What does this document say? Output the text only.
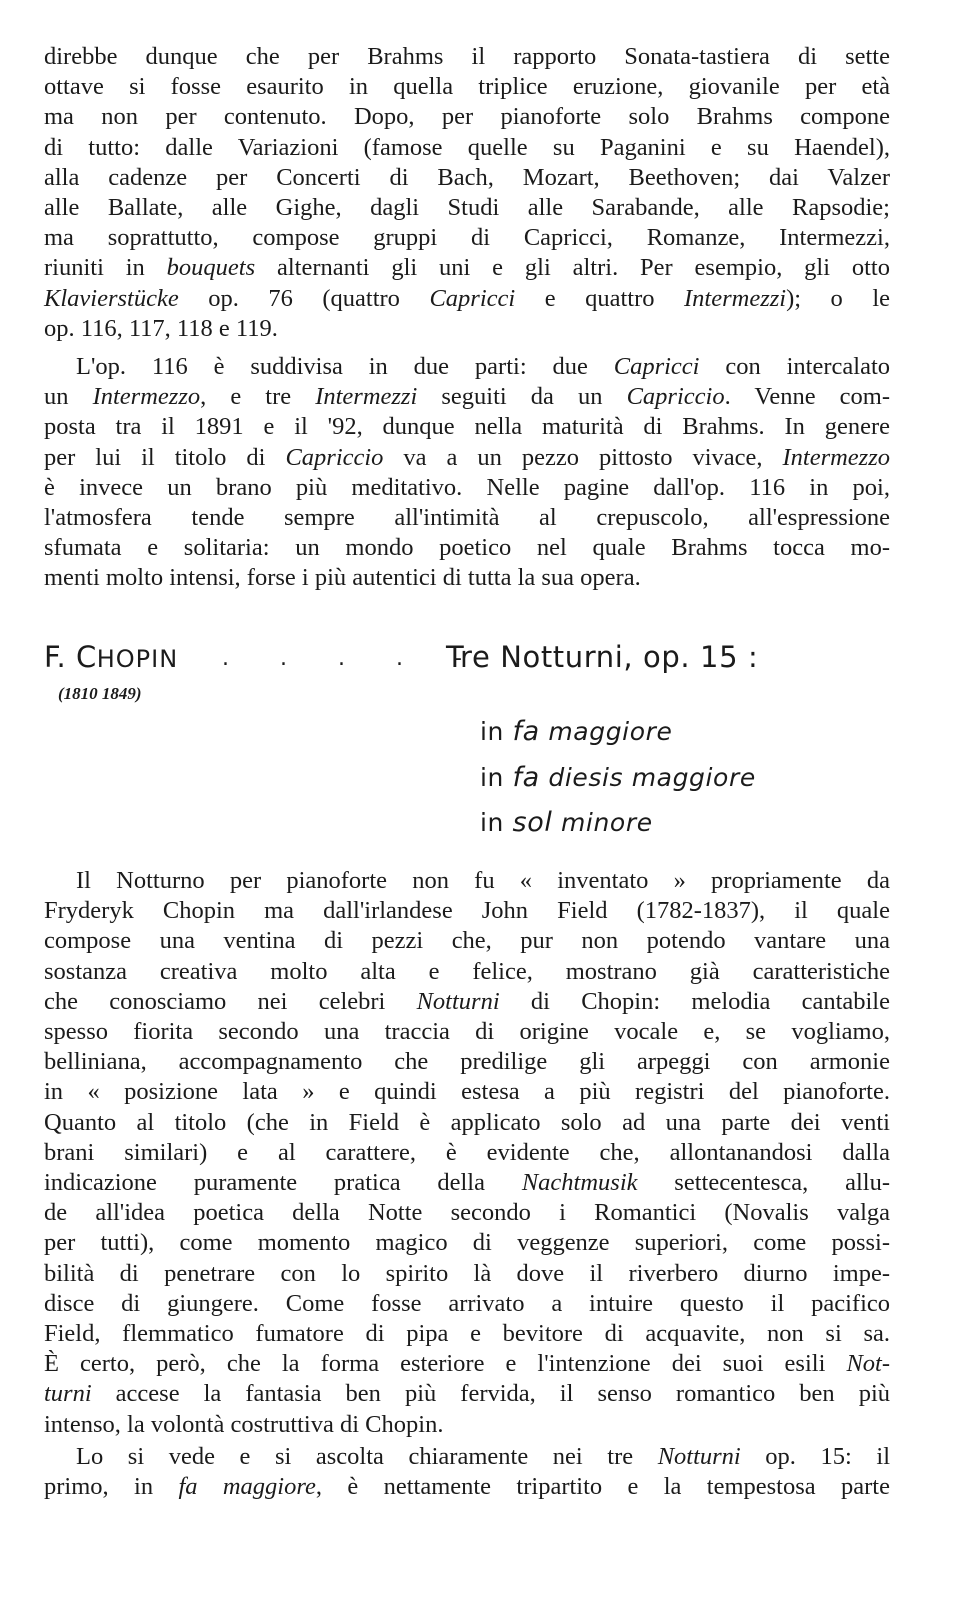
direbbe dunque che per Brahms il rapporto Sonata-tastiera di sette
ottave si fosse esaurito in quella triplice eruzione, giovanile per età
ma non per contenuto. Dopo, per pianoforte solo Brahms compone
di tutto: dalle Variazioni (famose quelle su Paganini e su Haendel),
alla cadenze per Concerti di Bach, Mozart, Beethoven; dai Valzer
alle Ballate, alle Gighe, dagli Studi alle Sarabande, alle Rapsodie;
ma soprattutto, compose gruppi di Capricci, Romanze, Intermezzi,
riuniti in bouquets alternanti gli uni e gli altri. Per esempio, gli otto
Klavierstücke op. 76 (quattro Capricci e quattro Intermezzi); o le
op. 116, 117, 118 e 119.
L'op. 116 è suddivisa in due parti: due Capricci con intercalato
un Intermezzo, e tre Intermezzi seguiti da un Capriccio. Venne com-
posta tra il 1891 e il '92, dunque nella maturità di Brahms. In genere
per lui il titolo di Capriccio va a un pezzo pittosto vivace, Intermezzo
è invece un brano più meditativo. Nelle pagine dall'op. 116 in poi,
l'atmosfera tende sempre all'intimità al crepuscolo, all'espressione
sfumata e solitaria: un mondo poetico nel quale Brahms tocca mo-
menti molto intensi, forse i più autentici di tutta la sua opera.
F. CHOPIN
(1810 1849)
. . . . -
Tre Notturni, op. 15 :
in fa maggiore
in fa diesis maggiore
in sol minore
Il Notturno per pianoforte non fu « inventato » propriamente da
Fryderyk Chopin ma dall'irlandese John Field (1782-1837), il quale
compose una ventina di pezzi che, pur non potendo vantare una
sostanza creativa molto alta e felice, mostrano già caratteristiche
che conosciamo nei celebri Notturni di Chopin: melodia cantabile
spesso fiorita secondo una traccia di origine vocale e, se vogliamo,
belliniana, accompagnamento che predilige gli arpeggi con armonie
in « posizione lata » e quindi estesa a più registri del pianoforte.
Quanto al titolo (che in Field è applicato solo ad una parte dei venti
brani similari) e al carattere, è evidente che, allontanandosi dalla
indicazione puramente pratica della Nachtmusik settecentesca, allu-
de all'idea poetica della Notte secondo i Romantici (Novalis valga
per tutti), come momento magico di veggenze superiori, come possi-
bilità di penetrare con lo spirito là dove il riverbero diurno impe-
disce di giungere. Come fosse arrivato a intuire questo il pacifico
Field, flemmatico fumatore di pipa e bevitore di acquavite, non si sa.
È certo, però, che la forma esteriore e l'intenzione dei suoi esili Not-
turni accese la fantasia ben più fervida, il senso romantico ben più
intenso, la volontà costruttiva di Chopin.
Lo si vede e si ascolta chiaramente nei tre Notturni op. 15: il
primo, in fa maggiore, è nettamente tripartito e la tempestosa parte
